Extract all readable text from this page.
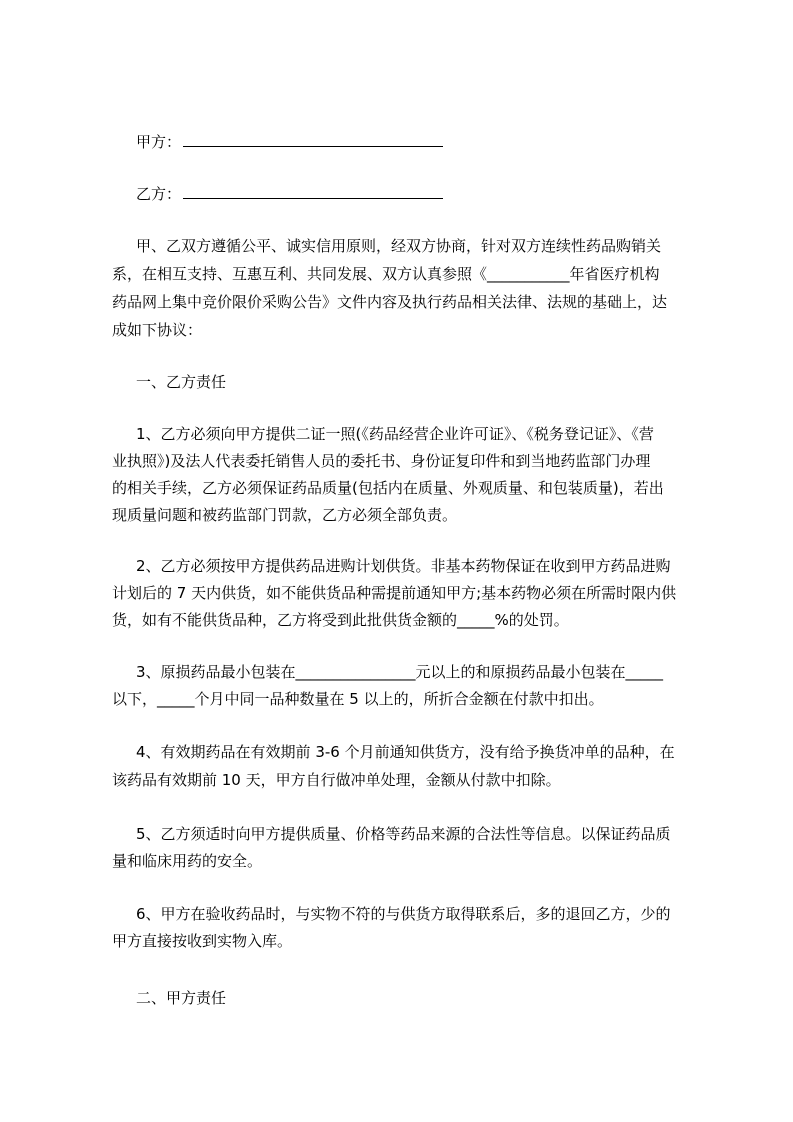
甲方：
乙方：
甲、乙双方遵循公平、诚实信用原则，经双方协商，针对双方连续性药品购销关
系，在相互支持、互惠互利、共同发展、双方认真参照《___________年省医疗机构
药品网上集中竞价限价采购公告》文件内容及执行药品相关法律、法规的基础上，达
成如下协议：
一、乙方责任
1、乙方必须向甲方提供二证一照(《药品经营企业许可证》、《税务登记证》、《营
业执照》)及法人代表委托销售人员的委托书、身份证复印件和到当地药监部门办理
的相关手续，乙方必须保证药品质量(包括内在质量、外观质量、和包装质量)，若出
现质量问题和被药监部门罚款，乙方必须全部负责。
2、乙方必须按甲方提供药品进购计划供货。非基本药物保证在收到甲方药品进购
计划后的 7 天内供货，如不能供货品种需提前通知甲方;基本药物必须在所需时限内供
货，如有不能供货品种，乙方将受到此批供货金额的_____%的处罚。
3、原损药品最小包装在________________元以上的和原损药品最小包装在_____
以下，_____个月中同一品种数量在 5 以上的，所折合金额在付款中扣出。
4、有效期药品在有效期前 3-6 个月前通知供货方，没有给予换货冲单的品种，在
该药品有效期前 10 天，甲方自行做冲单处理，金额从付款中扣除。
5、乙方须适时向甲方提供质量、价格等药品来源的合法性等信息。以保证药品质
量和临床用药的安全。
6、甲方在验收药品时，与实物不符的与供货方取得联系后，多的退回乙方，少的
甲方直接按收到实物入库。
二、甲方责任
